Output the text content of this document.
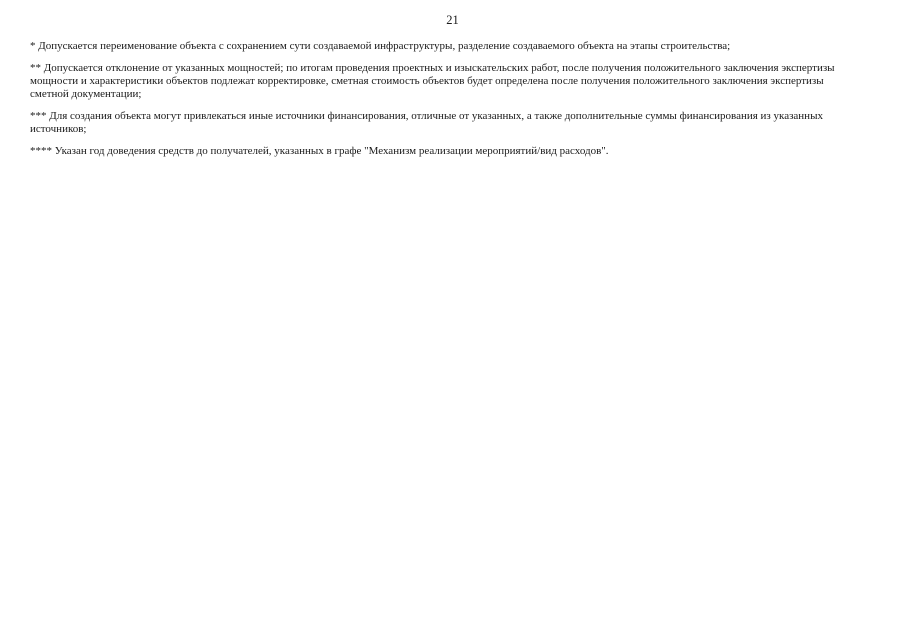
21

* Допускается переименование объекта с сохранением сути создаваемой инфраструктуры, разделение создаваемого объекта на этапы строительства;

** Допускается отклонение от указанных мощностей; по итогам проведения проектных и изыскательских работ, после получения положительного заключения экспертизы мощности и характеристики объектов подлежат корректировке, сметная стоимость объектов будет определена после получения положительного заключения экспертизы сметной документации;

*** Для создания объекта могут привлекаться иные источники финансирования, отличные от указанных, а также дополнительные суммы финансирования из указанных источников;

**** Указан год доведения средств до получателей, указанных в графе "Механизм реализации мероприятий/вид расходов".
